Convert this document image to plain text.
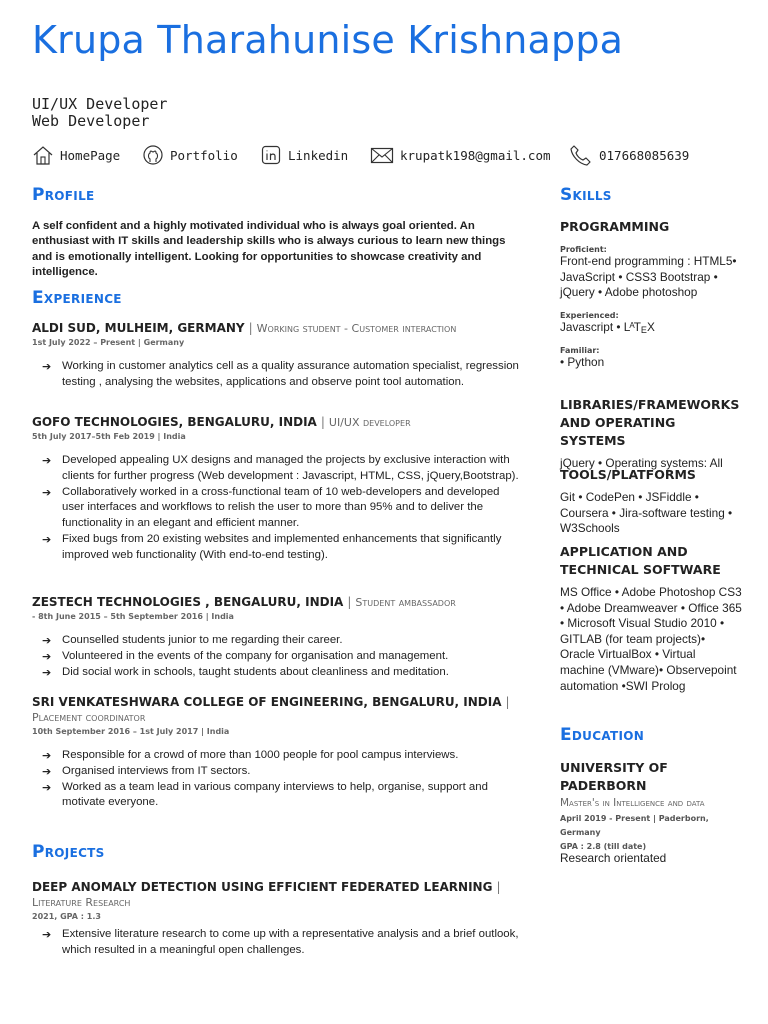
Krupa Tharahunise Krishnappa
UI/UX Developer
Web Developer
HomePage	Portfolio	Linkedin	krupatk198@gmail.com	017668085639
Profile
A self confident and a highly motivated individual who is always goal oriented. An enthusiast with IT skills and leadership skills who is always curious to learn new things and is emotionally intelligent. Looking for opportunities to showcase creativity and intelligence.
Experience
ALDI SUD, MULHEIM, GERMANY | Working student - Customer interaction
1st July 2022 – Present | Germany
➔ Working in customer analytics cell as a quality assurance automation specialist, regression testing , analysing the websites, applications and observe point tool automation.
GOFO TECHNOLOGIES, BENGALURU, INDIA | UI/UX developer
5th July 2017–5th Feb 2019 | India
➔ Developed appealing UX designs and managed the projects by exclusive interaction with clients for further progress (Web development : Javascript, HTML, CSS, jQuery,Bootstrap).
➔ Collaboratively worked in a cross-functional team of 10 web-developers and developed user interfaces and workflows to relish the user to more than 95% and to deliver the functionality in an elegant and efficient manner.
➔ Fixed bugs from 20 existing websites and implemented enhancements that significantly improved web functionality (With end-to-end testing).
ZESTECH TECHNOLOGIES , BENGALURU, INDIA | Student ambassador
- 8th June 2015 – 5th September 2016 | India
➔ Counselled students junior to me regarding their career.
➔ Volunteered in the events of the company for organisation and management.
➔ Did social work in schools, taught students about cleanliness and meditation.
SRI VENKATESHWARA COLLEGE OF ENGINEERING, BENGALURU, INDIA |
Placement coordinator
10th September 2016 – 1st July 2017 | India
➔ Responsible for a crowd of more than 1000 people for pool campus interviews.
➔ Organised interviews from IT sectors.
➔ Worked as a team lead in various company interviews to help, organise, support and motivate everyone.
Projects
DEEP ANOMALY DETECTION USING EFFICIENT FEDERATED LEARNING |
Literature Research
2021, GPA : 1.3
➔ Extensive literature research to come up with a representative analysis and a brief outlook, which resulted in a meaningful open challenges.
Skills
PROGRAMMING
Proficient:
Front-end programming : HTML5• JavaScript • CSS3 Bootstrap • jQuery • Adobe photoshop
Experienced:
Javascript • $L^ATEX$
Familiar:
• Python
LIBRARIES/FRAMEWORKS AND OPERATING SYSTEMS
jQuery • Operating systems: All
TOOLS/PLATFORMS
Git • CodePen • JSFiddle • Coursera • Jira-software testing • W3Schools
APPLICATION AND TECHNICAL SOFTWARE
MS Office • Adobe Photoshop CS3 • Adobe Dreamweaver • Office 365 • Microsoft Visual Studio 2010 • GITLAB (for team projects)• Oracle VirtualBox • Virtual machine (VMware)• Observepoint automation •SWI Prolog
Education
UNIVERSITY OF PADERBORN
Master's in Intelligence and data
April 2019 - Present | Paderborn, Germany
GPA : 2.8 (till date)
Research orientated
